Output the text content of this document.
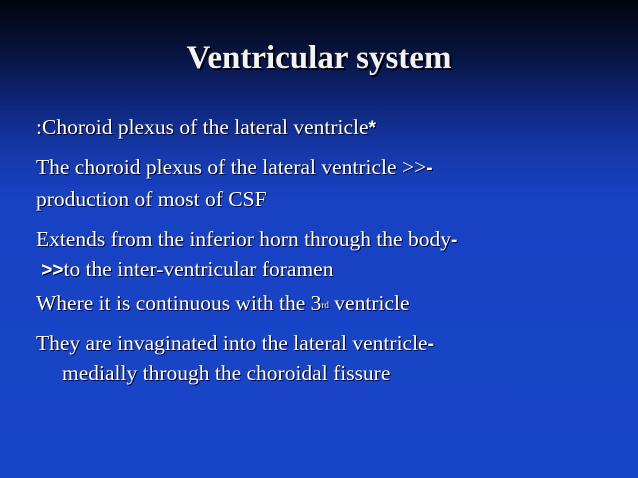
Ventricular system
:Choroid plexus of the lateral ventricle*
The choroid plexus of the lateral ventricle >>-
production of most of CSF
Extends from the inferior horn through the body-
>>to the inter-ventricular foramen
Where it is continuous with the 3rd ventricle
They are invaginated into the lateral ventricle-
medially through the choroidal fissure
